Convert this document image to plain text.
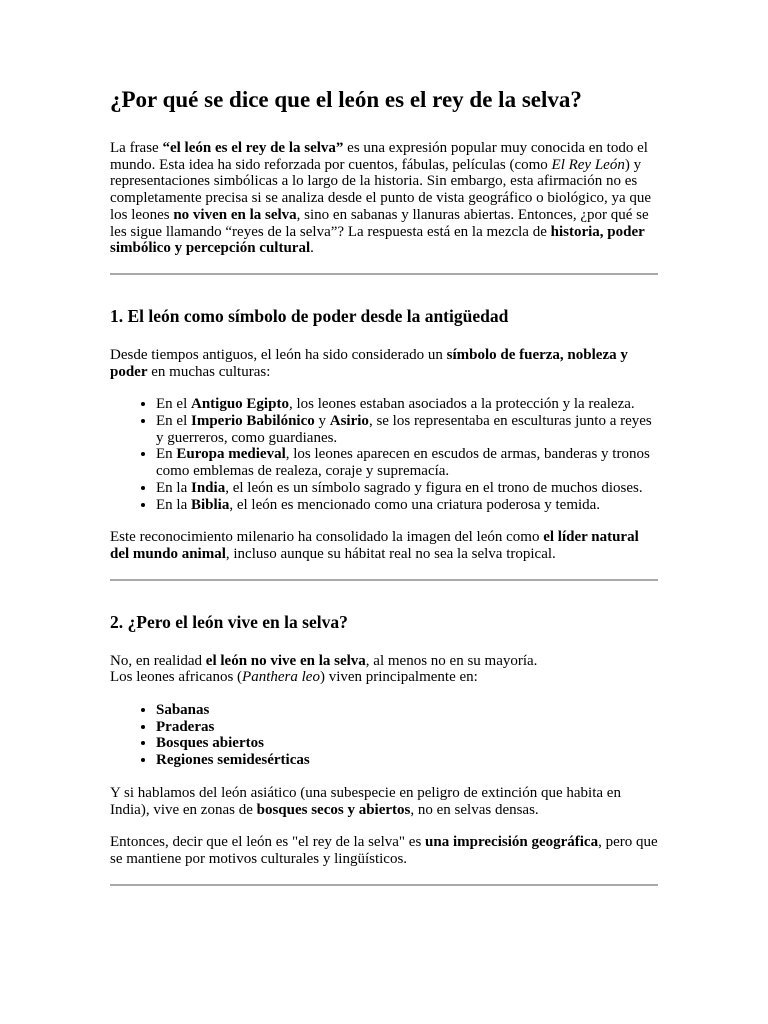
¿Por qué se dice que el león es el rey de la selva?

La frase “el león es el rey de la selva” es una expresión popular muy conocida en todo el mundo. Esta idea ha sido reforzada por cuentos, fábulas, películas (como El Rey León) y representaciones simbólicas a lo largo de la historia. Sin embargo, esta afirmación no es completamente precisa si se analiza desde el punto de vista geográfico o biológico, ya que los leones no viven en la selva, sino en sabanas y llanuras abiertas. Entonces, ¿por qué se les sigue llamando “reyes de la selva”? La respuesta está en la mezcla de historia, poder simbólico y percepción cultural.

1. El león como símbolo de poder desde la antigüedad

Desde tiempos antiguos, el león ha sido considerado un símbolo de fuerza, nobleza y poder en muchas culturas:

• En el Antiguo Egipto, los leones estaban asociados a la protección y la realeza.
• En el Imperio Babilónico y Asirio, se los representaba en esculturas junto a reyes y guerreros, como guardianes.
• En Europa medieval, los leones aparecen en escudos de armas, banderas y tronos como emblemas de realeza, coraje y supremacía.
• En la India, el león es un símbolo sagrado y figura en el trono de muchos dioses.
• En la Biblia, el león es mencionado como una criatura poderosa y temida.

Este reconocimiento milenario ha consolidado la imagen del león como el líder natural del mundo animal, incluso aunque su hábitat real no sea la selva tropical.

2. ¿Pero el león vive en la selva?

No, en realidad el león no vive en la selva, al menos no en su mayoría.
Los leones africanos (Panthera leo) viven principalmente en:

• Sabanas
• Praderas
• Bosques abiertos
• Regiones semidesérticas

Y si hablamos del león asiático (una subespecie en peligro de extinción que habita en India), vive en zonas de bosques secos y abiertos, no en selvas densas.

Entonces, decir que el león es "el rey de la selva" es una imprecisión geográfica, pero que se mantiene por motivos culturales y lingüísticos.
